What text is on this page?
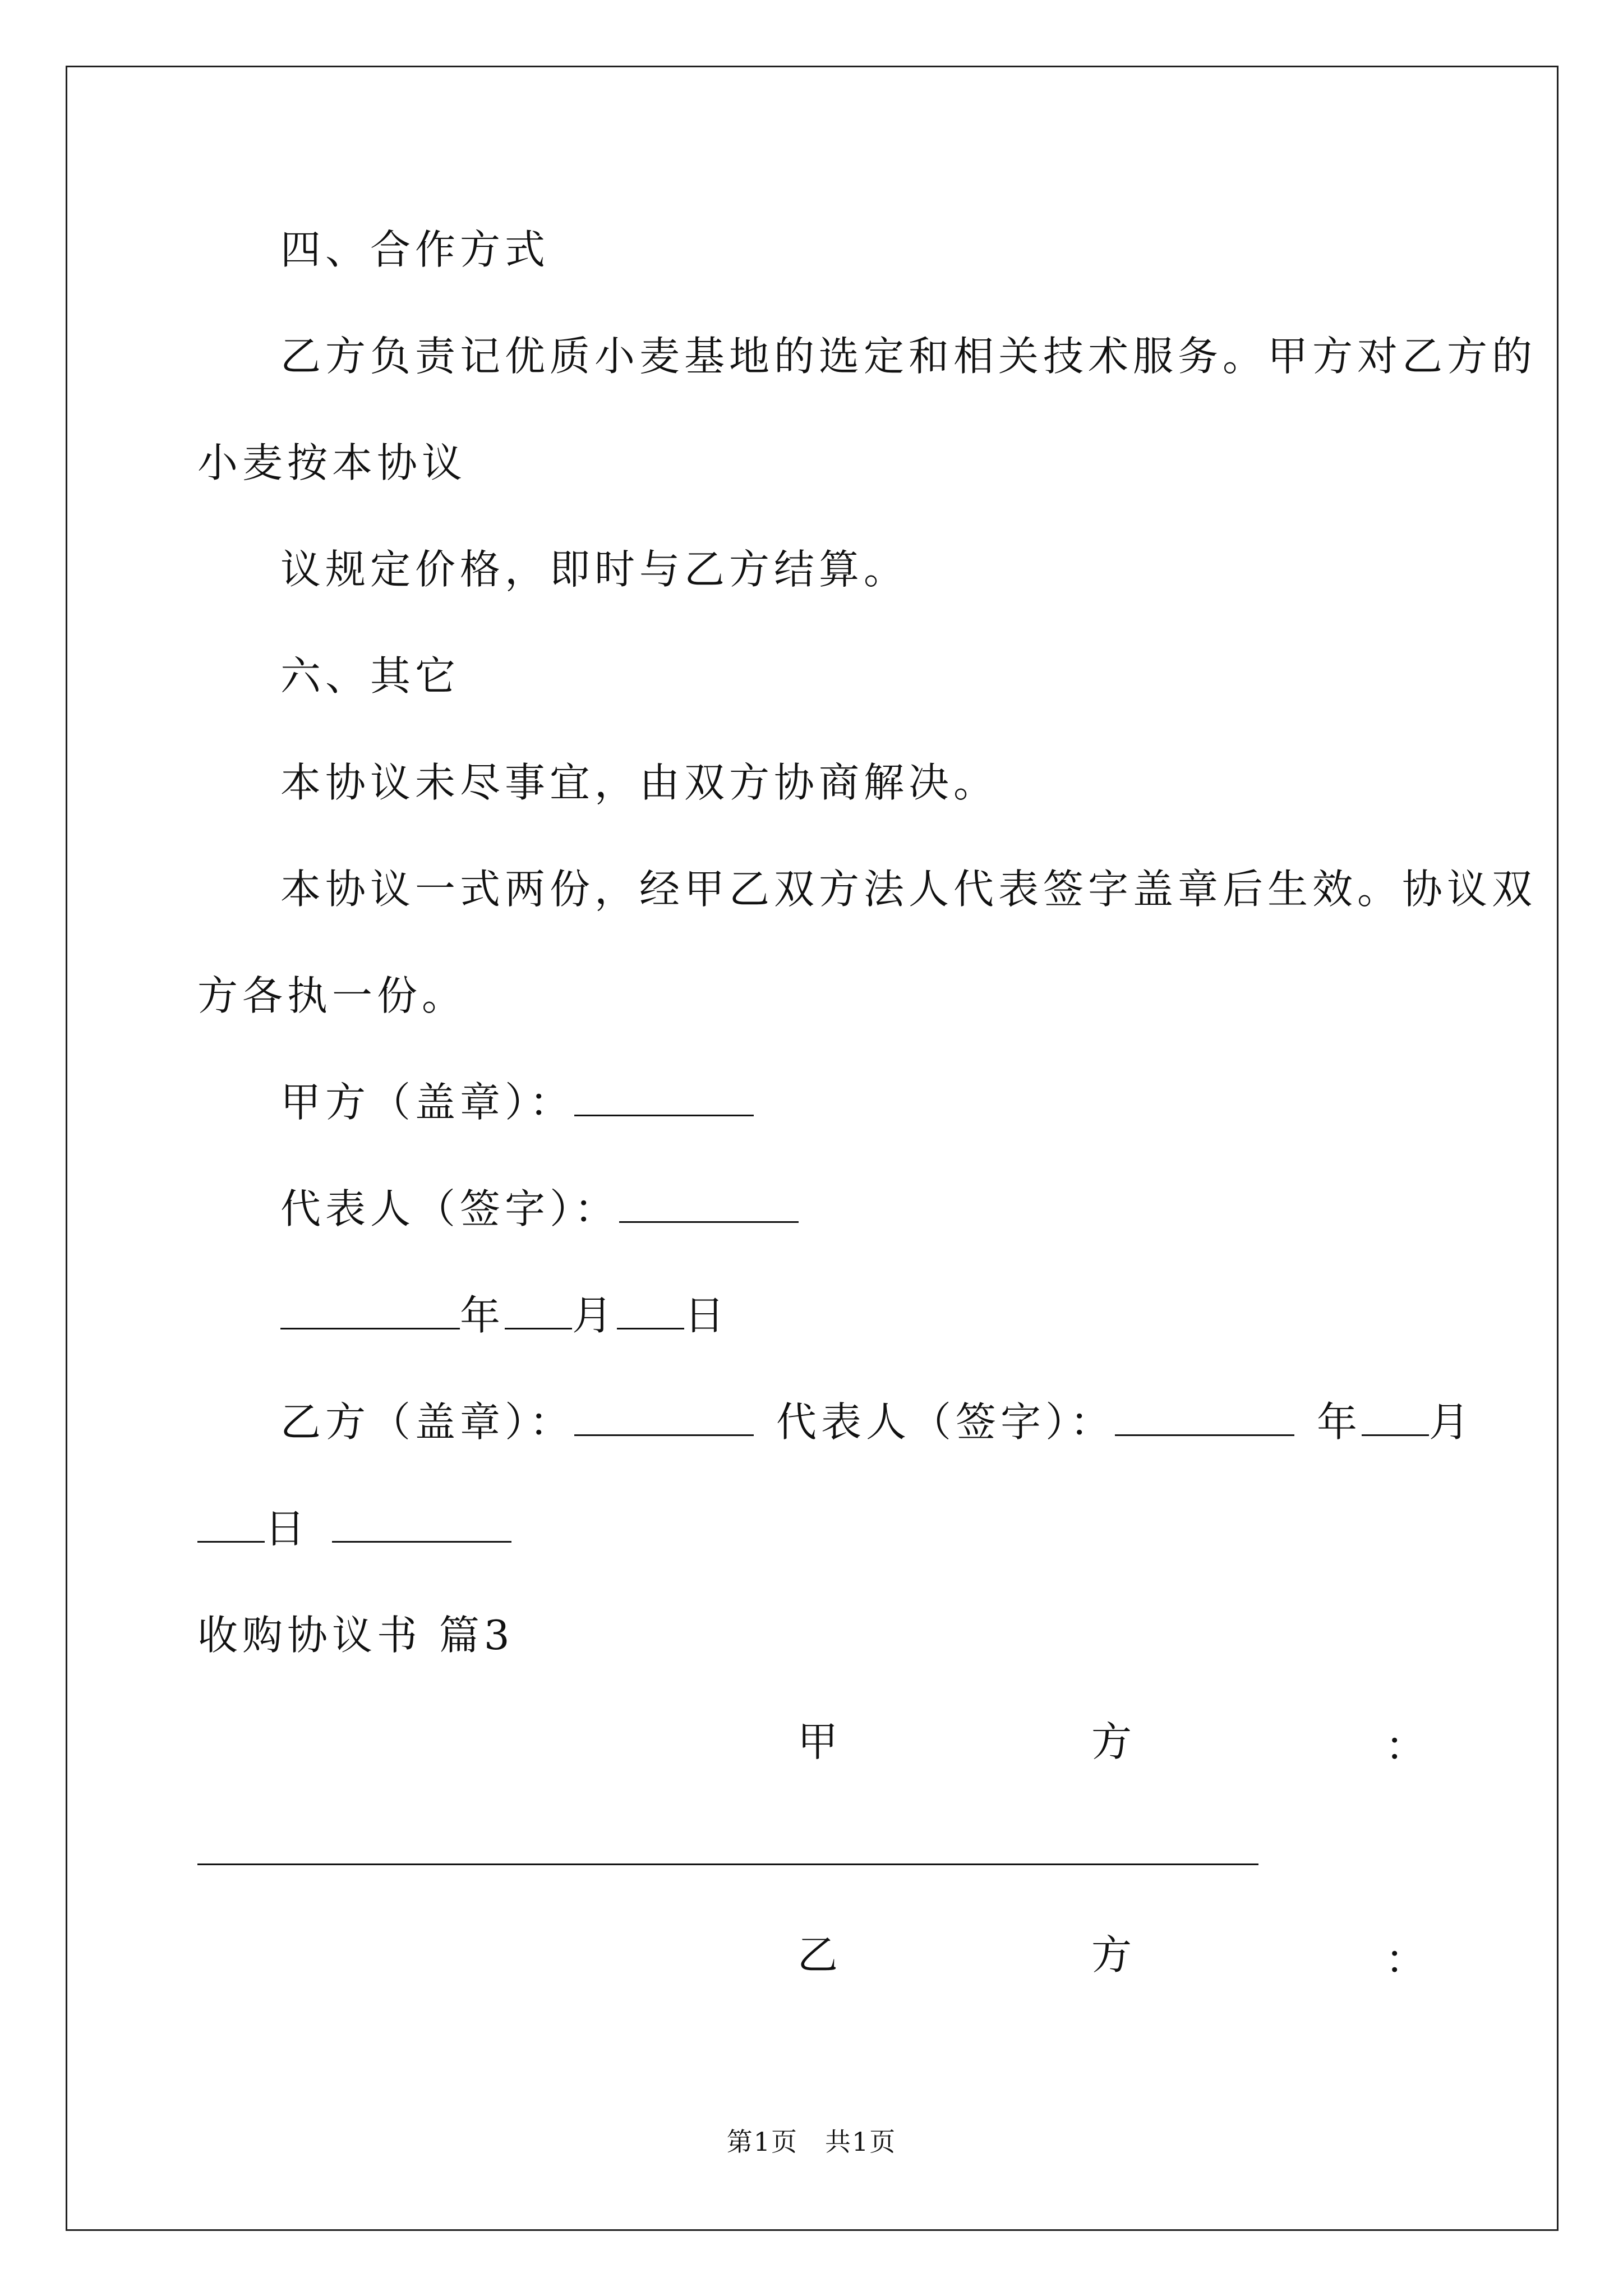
四、合作方式
乙方负责记优质小麦基地的选定和相关技术服务。甲方对乙方的
小麦按本协议
议规定价格，即时与乙方结算。
六、其它
本协议未尽事宜，由双方协商解决。
本协议一式两份，经甲乙双方法人代表签字盖章后生效。协议双
方各执一份。
甲方（盖章）：
代表人（签字）：
年 月 日
乙方（盖章）：	代表人（签字）：	年 月
日
收购协议书 篇3
甲	方	：
乙	方	：
第1页　共1页
